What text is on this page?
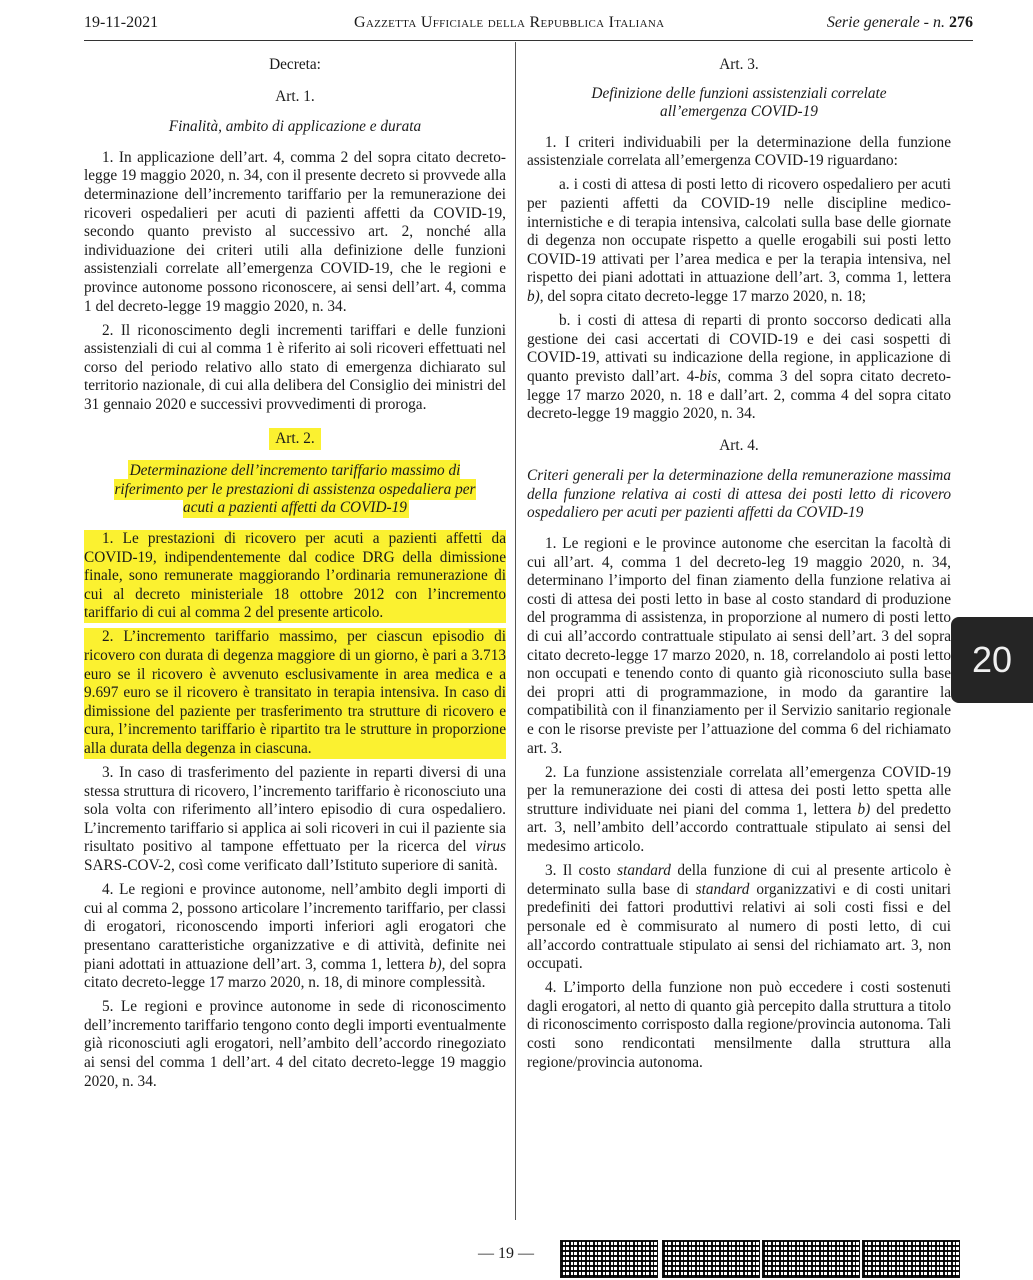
19-11-2021	Gazzetta Ufficiale della Repubblica Italiana	Serie generale - n. 276

Decreta:

Art. 1.

Finalità, ambito di applicazione e durata

1. In applicazione dell’art. 4, comma 2 del sopra citato decreto-legge 19 maggio 2020, n. 34, con il presente decreto si provvede alla determinazione dell’incremento tariffario per la remunerazione dei ricoveri ospedalieri per acuti di pazienti affetti da COVID-19, secondo quanto previsto al successivo art. 2, nonché alla individuazione dei criteri utili alla definizione delle funzioni assistenziali correlate all’emergenza COVID-19, che le regioni e province autonome possono riconoscere, ai sensi dell’art. 4, comma 1 del decreto-legge 19 maggio 2020, n. 34.

2. Il riconoscimento degli incrementi tariffari e delle funzioni assistenziali di cui al comma 1 è riferito ai soli ricoveri effettuati nel corso del periodo relativo allo stato di emergenza dichiarato sul territorio nazionale, di cui alla delibera del Consiglio dei ministri del 31 gennaio 2020 e successivi provvedimenti di proroga.

Art. 2.

Determinazione dell’incremento tariffario massimo di riferimento per le prestazioni di assistenza ospedaliera per acuti a pazienti affetti da COVID-19

1. Le prestazioni di ricovero per acuti a pazienti affetti da COVID-19, indipendentemente dal codice DRG della dimissione finale, sono remunerate maggiorando l’ordinaria remunerazione di cui al decreto ministeriale 18 ottobre 2012 con l’incremento tariffario di cui al comma 2 del presente articolo.

2. L’incremento tariffario massimo, per ciascun episodio di ricovero con durata di degenza maggiore di un giorno, è pari a 3.713 euro se il ricovero è avvenuto esclusivamente in area medica e a 9.697 euro se il ricovero è transitato in terapia intensiva. In caso di dimissione del paziente per trasferimento tra strutture di ricovero e cura, l’incremento tariffario è ripartito tra le strutture in proporzione alla durata della degenza in ciascuna.

3. In caso di trasferimento del paziente in reparti diversi di una stessa struttura di ricovero, l’incremento tariffario è riconosciuto una sola volta con riferimento all’intero episodio di cura ospedaliero. L’incremento tariffario si applica ai soli ricoveri in cui il paziente sia risultato positivo al tampone effettuato per la ricerca del virus SARS-COV-2, così come verificato dall’Istituto superiore di sanità.

4. Le regioni e province autonome, nell’ambito degli importi di cui al comma 2, possono articolare l’incremento tariffario, per classi di erogatori, riconoscendo importi inferiori agli erogatori che presentano caratteristiche organizzative e di attività, definite nei piani adottati in attuazione dell’art. 3, comma 1, lettera b), del sopra citato decreto-legge 17 marzo 2020, n. 18, di minore complessità.

5. Le regioni e province autonome in sede di riconoscimento dell’incremento tariffario tengono conto degli importi eventualmente già riconosciuti agli erogatori, nell’ambito dell’accordo rinegoziato ai sensi del comma 1 dell’art. 4 del citato decreto-legge 19 maggio 2020, n. 34.

Art. 3.

Definizione delle funzioni assistenziali correlate all’emergenza COVID-19

1. I criteri individuabili per la determinazione della funzione assistenziale correlata all’emergenza COVID-19 riguardano:

a. i costi di attesa di posti letto di ricovero ospedaliero per acuti per pazienti affetti da COVID-19 nelle discipline medico-internistiche e di terapia intensiva, calcolati sulla base delle giornate di degenza non occupate rispetto a quelle erogabili sui posti letto COVID-19 attivati per l’area medica e per la terapia intensiva, nel rispetto dei piani adottati in attuazione dell’art. 3, comma 1, lettera b), del sopra citato decreto-legge 17 marzo 2020, n. 18;

b. i costi di attesa di reparti di pronto soccorso dedicati alla gestione dei casi accertati di COVID-19 e dei casi sospetti di COVID-19, attivati su indicazione della regione, in applicazione di quanto previsto dall’art. 4-bis, comma 3 del sopra citato decreto-legge 17 marzo 2020, n. 18 e dall’art. 2, comma 4 del sopra citato decreto-legge 19 maggio 2020, n. 34.

Art. 4.

Criteri generali per la determinazione della remunerazione massima della funzione relativa ai costi di attesa dei posti letto di ricovero ospedaliero per acuti per pazienti affetti da COVID-19

1. Le regioni e le province autonome che esercitan la facoltà di cui all’art. 4, comma 1 del decreto-leg 19 maggio 2020, n. 34, determinano l’importo del finan ziamento della funzione relativa ai costi di attesa dei posti letto in base al costo standard di produzione del programma di assistenza, in proporzione al numero di posti letto di cui all’accordo contrattuale stipulato ai sensi dell’art. 3 del sopra citato decreto-legge 17 marzo 2020, n. 18, correlandolo ai posti letto non occupati e tenendo conto di quanto già riconosciuto sulla base dei propri atti di programmazione, in modo da garantire la compatibilità con il finanziamento per il Servizio sanitario regionale e con le risorse previste per l’attuazione del comma 6 del richiamato art. 3.

2. La funzione assistenziale correlata all’emergenza COVID-19 per la remunerazione dei costi di attesa dei posti letto spetta alle strutture individuate nei piani del comma 1, lettera b) del predetto art. 3, nell’ambito dell’accordo contrattuale stipulato ai sensi del medesimo articolo.

3. Il costo standard della funzione di cui al presente articolo è determinato sulla base di standard organizzativi e di costi unitari predefiniti dei fattori produttivi relativi ai soli costi fissi e del personale ed è commisurato al numero di posti letto, di cui all’accordo contrattuale stipulato ai sensi del richiamato art. 3, non occupati.

4. L’importo della funzione non può eccedere i costi sostenuti dagli erogatori, al netto di quanto già percepito dalla struttura a titolo di riconoscimento corrisposto dalla regione/provincia autonoma. Tali costi sono rendicontati mensilmente dalla struttura alla regione/provincia autonoma.

20
— 19 —
